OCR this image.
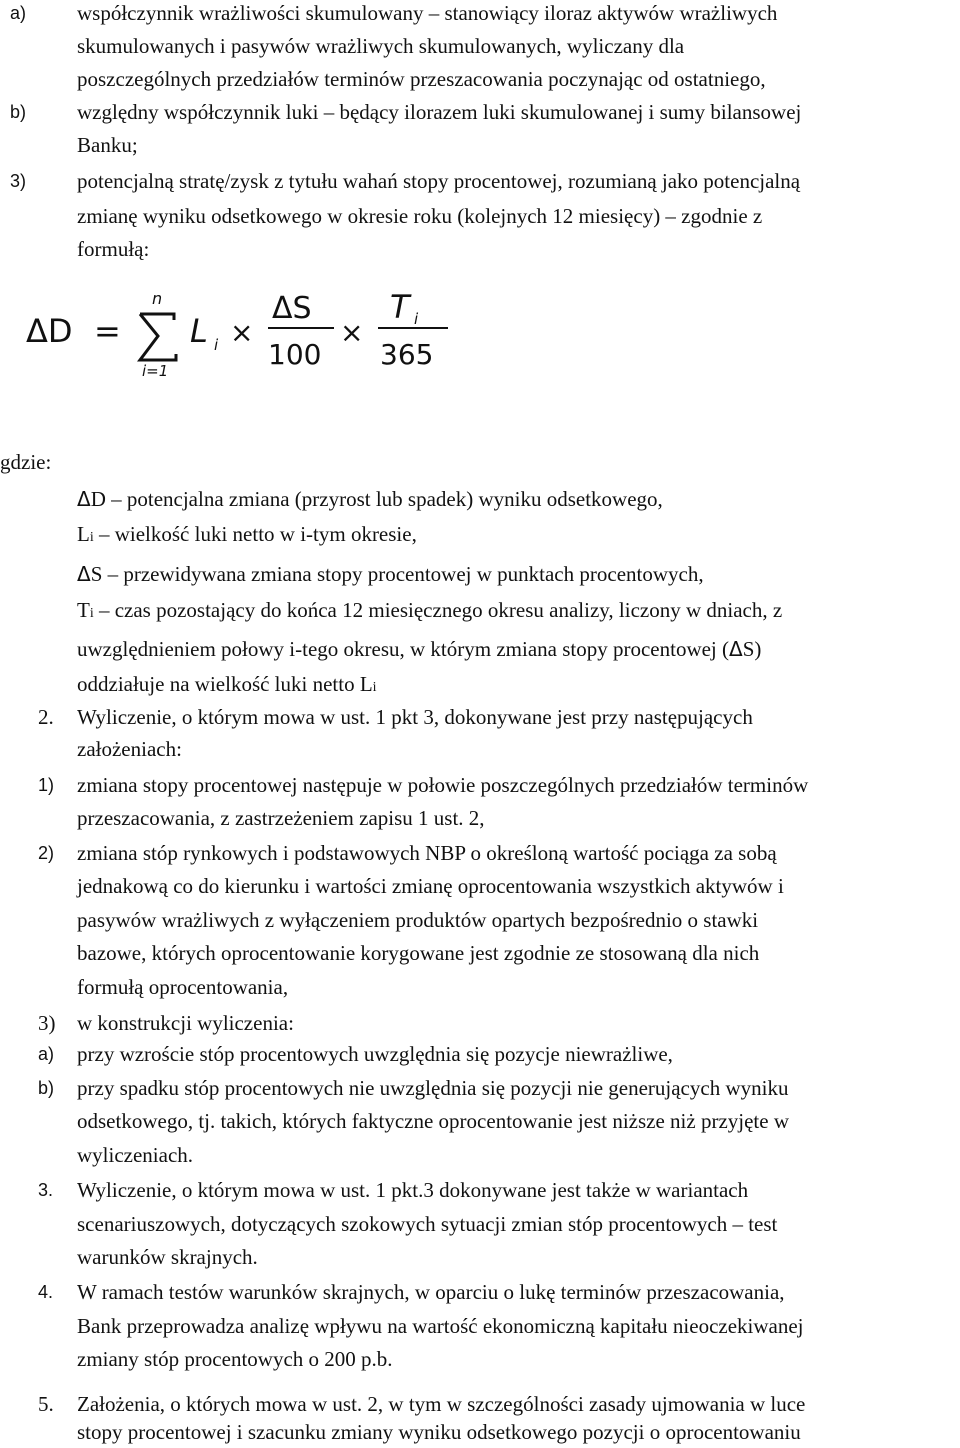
a) współczynnik wrażliwości skumulowany – stanowiący iloraz aktywów wrażliwych
skumulowanych i pasywów wrażliwych skumulowanych, wyliczany dla
poszczególnych przedziałów terminów przeszacowania poczynając od ostatniego,
b) względny współczynnik luki – będący ilorazem luki skumulowanej i sumy bilansowej
Banku;
3) potencjalną stratę/zysk z tytułu wahań stopy procentowej, rozumianą jako potencjalną
zmianę wyniku odsetkowego w okresie roku (kolejnych 12 miesięcy) – zgodnie z
formułą:
ΔD =
n
i=1
L i ×
ΔS
100
×
T i
365
gdzie:
ΔD – potencjalna zmiana (przyrost lub spadek) wyniku odsetkowego,
Li – wielkość luki netto w i-tym okresie,
ΔS – przewidywana zmiana stopy procentowej w punktach procentowych,
Ti – czas pozostający do końca 12 miesięcznego okresu analizy, liczony w dniach, z
uwzględnieniem połowy i-tego okresu, w którym zmiana stopy procentowej (ΔS)
oddziałuje na wielkość luki netto Li
2. Wyliczenie, o którym mowa w ust. 1 pkt 3, dokonywane jest przy następujących
założeniach:
1) zmiana stopy procentowej następuje w połowie poszczególnych przedziałów terminów
przeszacowania, z zastrzeżeniem zapisu 1 ust. 2,
2) zmiana stóp rynkowych i podstawowych NBP o określoną wartość pociąga za sobą
jednakową co do kierunku i wartości zmianę oprocentowania wszystkich aktywów i
pasywów wrażliwych z wyłączeniem produktów opartych bezpośrednio o stawki
bazowe, których oprocentowanie korygowane jest zgodnie ze stosowaną dla nich
formułą oprocentowania,
3) w konstrukcji wyliczenia:
a) przy wzroście stóp procentowych uwzględnia się pozycje niewrażliwe,
b) przy spadku stóp procentowych nie uwzględnia się pozycji nie generujących wyniku
odsetkowego, tj. takich, których faktyczne oprocentowanie jest niższe niż przyjęte w
wyliczeniach.
3. Wyliczenie, o którym mowa w ust. 1 pkt.3 dokonywane jest także w wariantach
scenariuszowych, dotyczących szokowych sytuacji zmian stóp procentowych – test
warunków skrajnych.
4. W ramach testów warunków skrajnych, w oparciu o lukę terminów przeszacowania,
Bank przeprowadza analizę wpływu na wartość ekonomiczną kapitału nieoczekiwanej
zmiany stóp procentowych o 200 p.b.
5. Założenia, o których mowa w ust. 2, w tym w szczególności zasady ujmowania w luce
stopy procentowej i szacunku zmiany wyniku odsetkowego pozycji o oprocentowaniu
